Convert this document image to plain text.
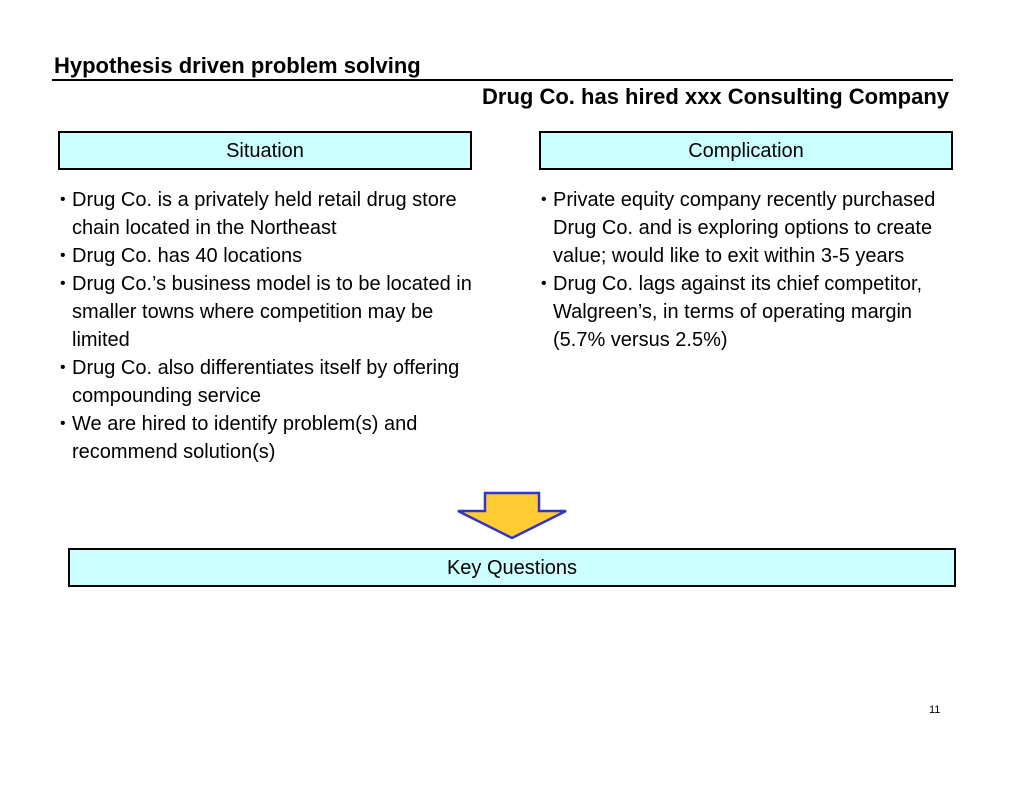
Hypothesis driven problem solving
Drug Co. has hired xxx Consulting Company
Situation	Complication
• Drug Co. is a privately held retail drug store chain located in the Northeast
• Drug Co. has 40 locations
• Drug Co.’s business model is to be located in smaller towns where competition may be limited
• Drug Co. also differentiates itself by offering compounding service
• We are hired to identify problem(s) and recommend solution(s)
• Private equity company recently purchased Drug Co. and is exploring options to create value; would like to exit within 3-5 years
• Drug Co. lags against its chief competitor, Walgreen’s, in terms of operating margin (5.7% versus 2.5%)
Key Questions
11
